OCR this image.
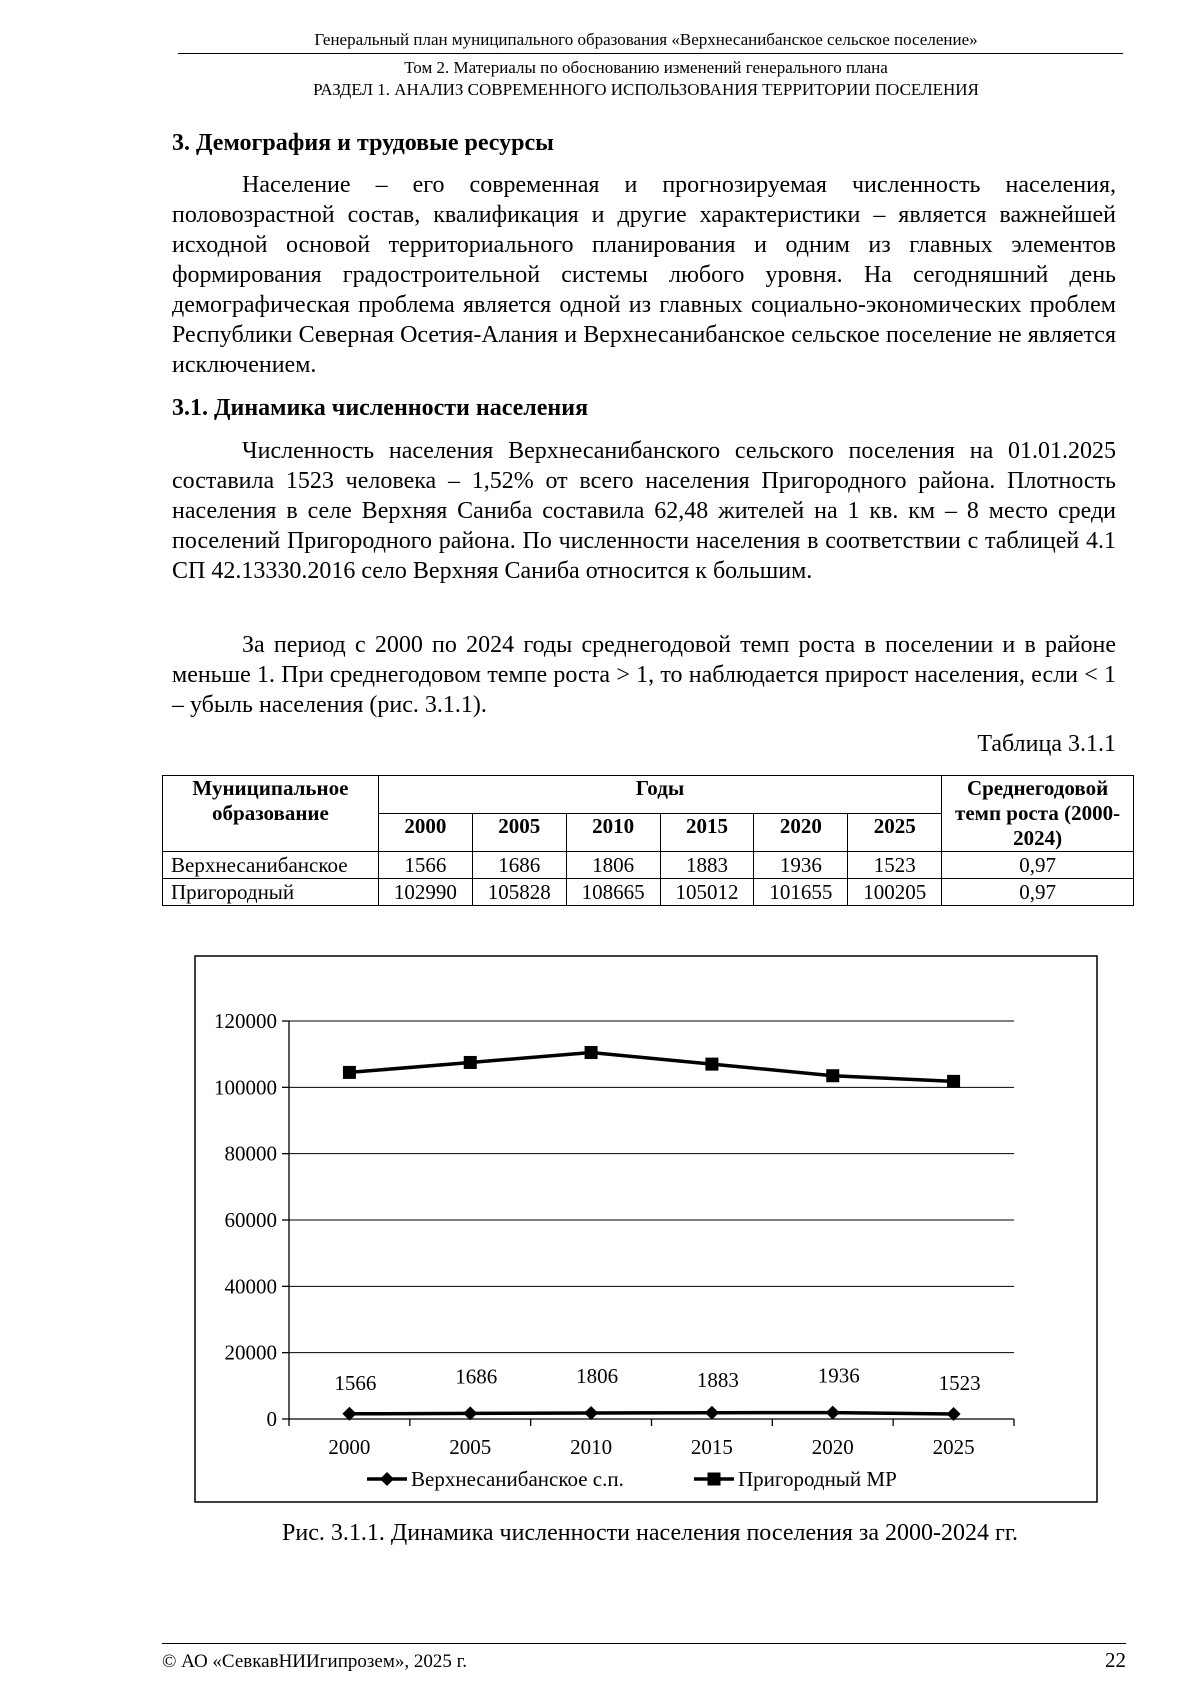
Генеральный план муниципального образования «Верхнесанибанское сельское поселение»
Том 2. Материалы по обоснованию изменений генерального плана
РАЗДЕЛ 1. АНАЛИЗ СОВРЕМЕННОГО ИСПОЛЬЗОВАНИЯ ТЕРРИТОРИИ ПОСЕЛЕНИЯ
3. Демография и трудовые ресурсы

Население – его современная и прогнозируемая численность населения, половозрастной состав, квалификация и другие характеристики – является важнейшей исходной основой территориального планирования и одним из главных элементов формирования градостроительной системы любого уровня. На сегодняшний день демографическая проблема является одной из главных социально-экономических проблем Республики Северная Осетия-Алания и Верхнесанибанское сельское поселение не является исключением.

3.1. Динамика численности населения

Численность населения Верхнесанибанского сельского поселения на 01.01.2025 составила 1523 человека – 1,52% от всего населения Пригородного района. Плотность населения в селе Верхняя Саниба составила 62,48 жителей на 1 кв. км – 8 место среди поселений Пригородного района. По численности населения в соответствии с таблицей 4.1 СП 42.13330.2016 село Верхняя Саниба относится к большим.

За период с 2000 по 2024 годы среднегодовой темп роста в поселении и в районе меньше 1. При среднегодовом темпе роста > 1, то наблюдается прирост населения, если < 1 – убыль населения (рис. 3.1.1).

Таблица 3.1.1
Муниципальное образование	Годы						Среднегодовой темп роста (2000-2024)
	2000	2005	2010	2015	2020	2025	
Верхнесанибанское	1566	1686	1806	1883	1936	1523	0,97
Пригородный	102990	105828	108665	105012	101655	100205	0,97
0
20000
40000
60000
80000
100000
120000
2000	2005	2010	2015	2020	2025
1566	1686	1806	1883	1936	1523
Верхнесанибанское с.п.	Пригородный МР
Рис. 3.1.1. Динамика численности населения поселения за 2000-2024 гг.
© АО «СевкавНИИгипрозем», 2025 г.	22
